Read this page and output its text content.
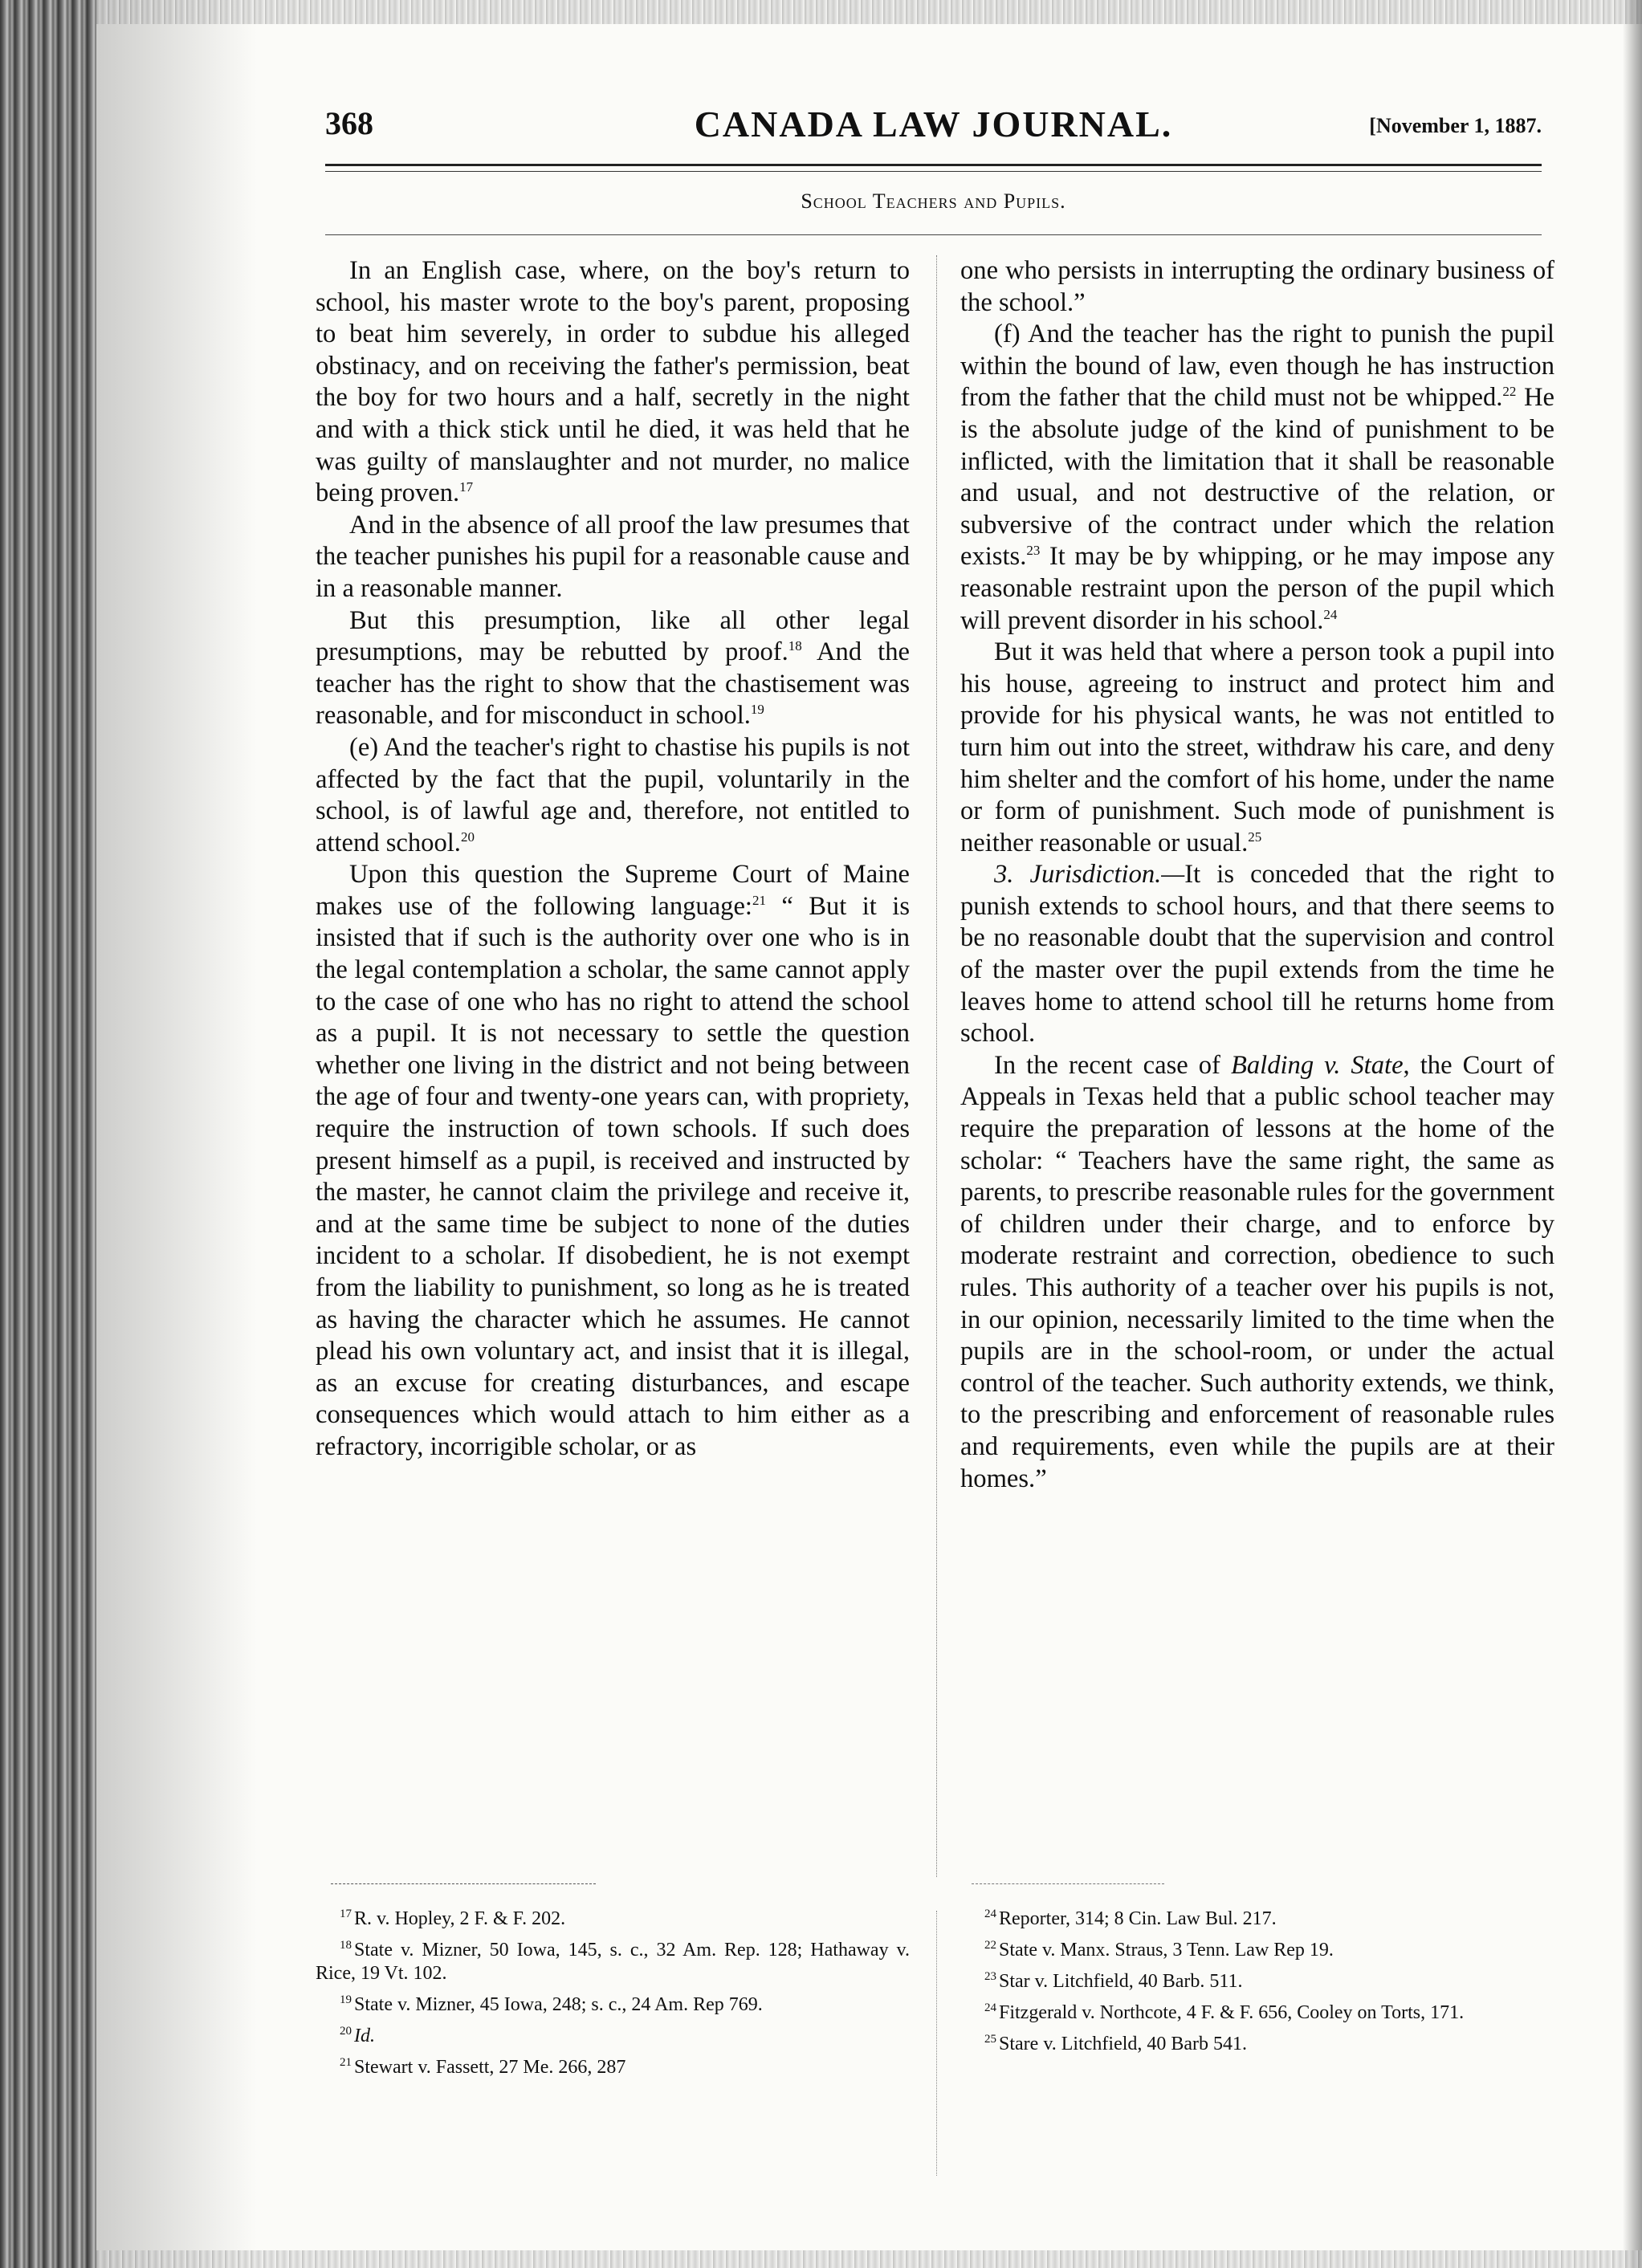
368	CANADA LAW JOURNAL.	[November 1, 1887.
School Teachers and Pupils.

In an English case, where, on the boy's return to school, his master wrote to the boy's parent, proposing to beat him severely, in order to subdue his alleged obstinacy, and on receiving the father's permission, beat the boy for two hours and a half, secretly in the night and with a thick stick until he died, it was held that he was guilty of manslaughter and not murder, no malice being proven.$^{17}$

And in the absence of all proof the law presumes that the teacher punishes his pupil for a reasonable cause and in a reasonable manner.

But this presumption, like all other legal presumptions, may be rebutted by proof.$^{18}$ And the teacher has the right to show that the chastisement was reasonable, and for misconduct in school.$^{19}$

(e) And the teacher's right to chastise his pupils is not affected by the fact that the pupil, voluntarily in the school, is of lawful age and, therefore, not entitled to attend school.$^{20}$

Upon this question the Supreme Court of Maine makes use of the following language:$^{21}$ “ But it is insisted that if such is the authority over one who is in the legal contemplation a scholar, the same cannot apply to the case of one who has no right to attend the school as a pupil. It is not necessary to settle the question whether one living in the district and not being between the age of four and twenty-one years can, with propriety, require the instruction of town schools. If such does present himself as a pupil, is received and instructed by the master, he cannot claim the privilege and receive it, and at the same time be subject to none of the duties incident to a scholar. If disobedient, he is not exempt from the liability to punishment, so long as he is treated as having the character which he assumes. He cannot plead his own voluntary act, and insist that it is illegal, as an excuse for creating disturbances, and escape consequences which would attach to him either as a refractory, incorrigible scholar, or as

one who persists in interrupting the ordinary business of the school.”

(f) And the teacher has the right to punish the pupil within the bound of law, even though he has instruction from the father that the child must not be whipped.$^{22}$ He is the absolute judge of the kind of punishment to be inflicted, with the limitation that it shall be reasonable and usual, and not destructive of the relation, or subversive of the contract under which the relation exists.$^{23}$ It may be by whipping, or he may impose any reasonable restraint upon the person of the pupil which will prevent disorder in his school.$^{24}$

But it was held that where a person took a pupil into his house, agreeing to instruct and protect him and provide for his physical wants, he was not entitled to turn him out into the street, withdraw his care, and deny him shelter and the comfort of his home, under the name or form of punishment. Such mode of punishment is neither reasonable or usual.$^{25}$

3. Jurisdiction.—It is conceded that the right to punish extends to school hours, and that there seems to be no reasonable doubt that the supervision and control of the master over the pupil extends from the time he leaves home to attend school till he returns home from school.

In the recent case of Balding v. State, the Court of Appeals in Texas held that a public school teacher may require the preparation of lessons at the home of the scholar: “ Teachers have the same right, the same as parents, to prescribe reasonable rules for the government of children under their charge, and to enforce by moderate restraint and correction, obedience to such rules. This authority of a teacher over his pupils is not, in our opinion, necessarily limited to the time when the pupils are in the school-room, or under the actual control of the teacher. Such authority extends, we think, to the prescribing and enforcement of reasonable rules and requirements, even while the pupils are at their homes.”

$^{17}$ R. v. Hopley, 2 F. & F. 202.

$^{18}$ State v. Mizner, 50 Iowa, 145, s. c., 32 Am. Rep. 128; Hathaway v. Rice, 19 Vt. 102.

$^{19}$ State v. Mizner, 45 Iowa, 248; s. c., 24 Am. Rep 769.

$^{20}$ Id.

$^{21}$ Stewart v. Fassett, 27 Me. 266, 287

$^{24}$ Reporter, 314; 8 Cin. Law Bul. 217.

$^{22}$ State v. Manx. Straus, 3 Tenn. Law Rep 19.

$^{23}$ Star v. Litchfield, 40 Barb. 511.

$^{24}$ Fitzgerald v. Northcote, 4 F. & F. 656, Cooley on Torts, 171.

$^{25}$ Stare v. Litchfield, 40 Barb 541.
